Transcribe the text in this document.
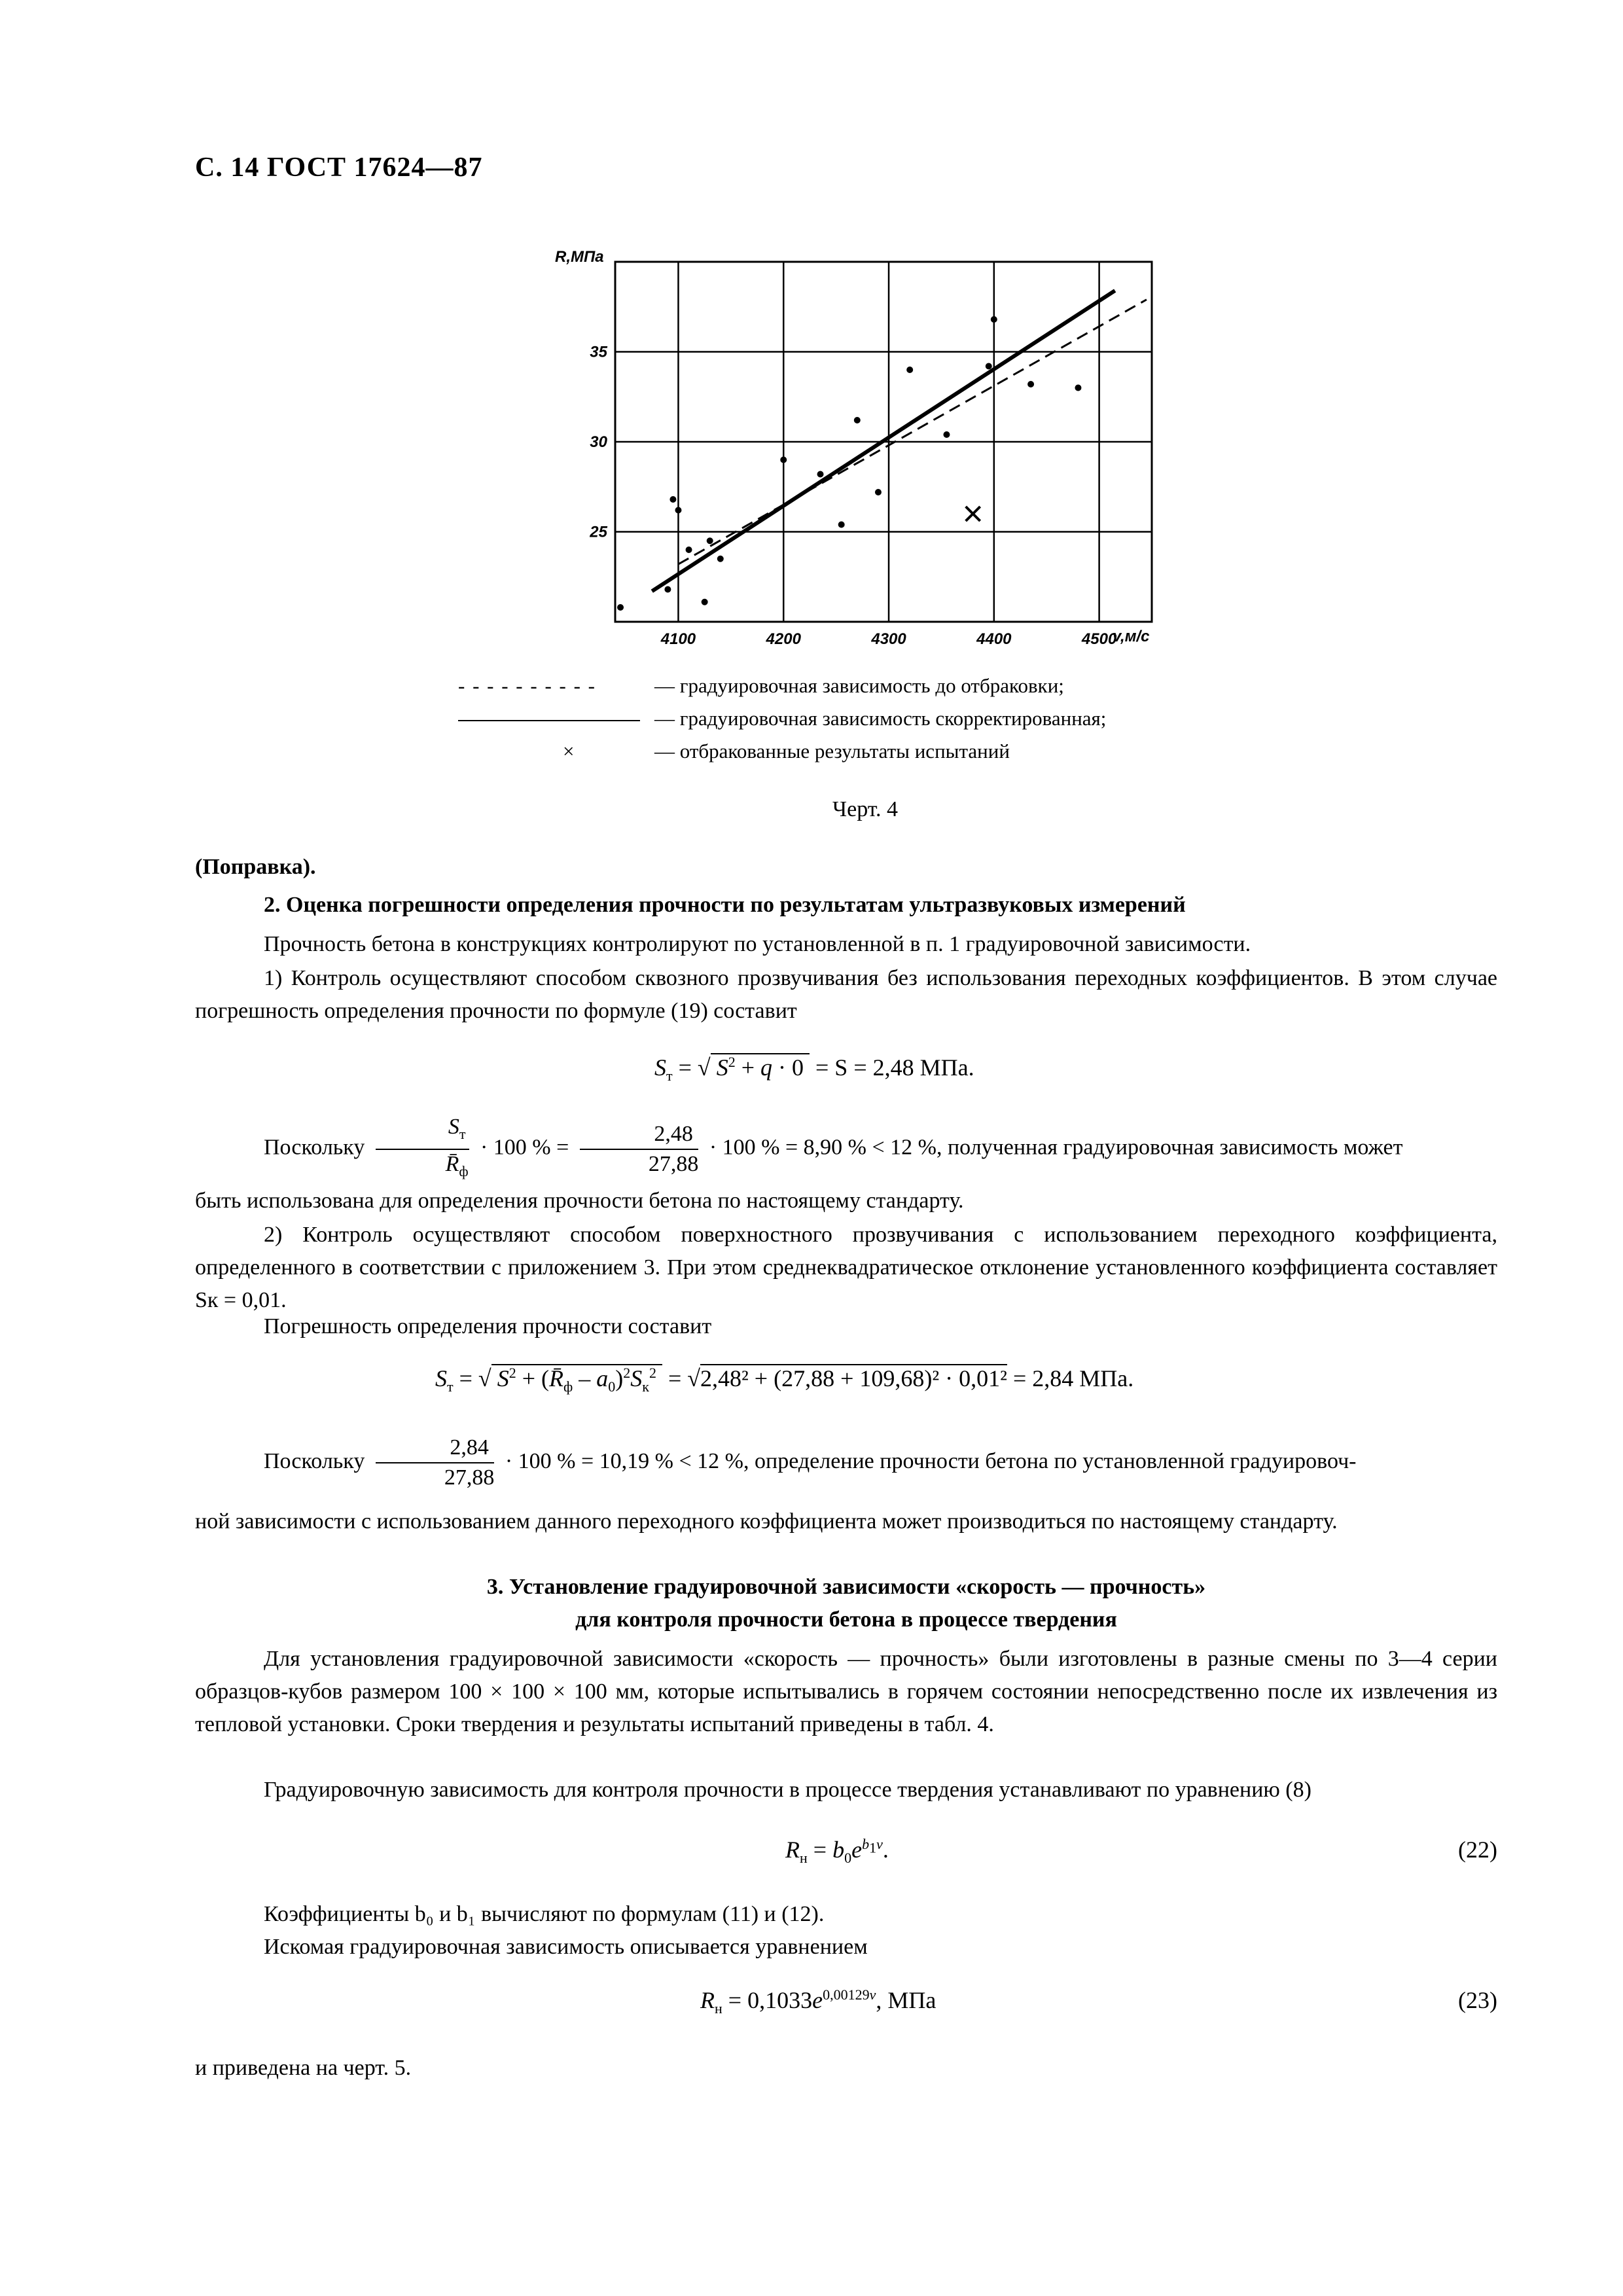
С. 14 ГОСТ 17624—87
4100	4200	4300	4400	4500
25
30
35
R,МПа
v,м/с
- - - - - - - - - -	— градуировочная зависимость до отбраковки;
— градуировочная зависимость скорректированная;
×	— отбракованные результаты испытаний
Черт. 4

(Поправка).

2. Оценка погрешности определения прочности по результатам ультразвуковых измерений

Прочность бетона в конструкциях контролируют по установленной в п. 1 градуировочной зависимости.

1) Контроль осуществляют способом сквозного прозвучивания без использования переходных коэффициентов. В этом случае погрешность определения прочности по формуле (19) составит

$S_т$ = √ $S^2 + q \cdot 0 = S = 2,48$ МПа.

Поскольку $\frac{S_т}{R̄_ф} \cdot 100$ % = $\frac{2,48}{27,88} \cdot 100$ % = 8,90 % < 12 %, полученная градуировочная зависимость может

быть использована для определения прочности бетона по настоящему стандарту.

2) Контроль осуществляют способом поверхностного прозвучивания с использованием переходного коэффициента, определенного в соответствии с приложением 3. При этом среднеквадратическое отклонение установленного коэффициента составляет Sк = 0,01.

Погрешность определения прочности составит

$S_т$ = √ $S^2$ + $(R̄_ф - a_0)^2S_к^2 = √2,48^2 + (27,88 + 109,68)^2 \cdot 0,01^2 = 2,84$ МПа.

Поскольку $\frac{2,84}{27,88} \cdot 100$ % = 10,19 % < 12 %, определение прочности бетона по установленной градуировоч-

ной зависимости с использованием данного переходного коэффициента может производиться по настоящему стандарту.

3. Установление градуировочной зависимости «скорость — прочность»

для контроля прочности бетона в процессе твердения

Для установления градуировочной зависимости «скорость — прочность» были изготовлены в разные смены по 3—4 серии образцов-кубов размером 100 × 100 × 100 мм, которые испытывались в горячем состоянии непосредственно после их извлечения из тепловой установки. Сроки твердения и результаты испытаний приведены в табл. 4.

Градуировочную зависимость для контроля прочности в процессе твердения устанавливают по уравнению (8)

$R_н = b_0e^{b_1v}$.	(22)

Коэффициенты b₀ и b₁ вычисляют по формулам (11) и (12).

Искомая градуировочная зависимость описывается уравнением

$R_н = 0,1033e^{0,00129v}$, МПа	(23)

и приведена на черт. 5.
